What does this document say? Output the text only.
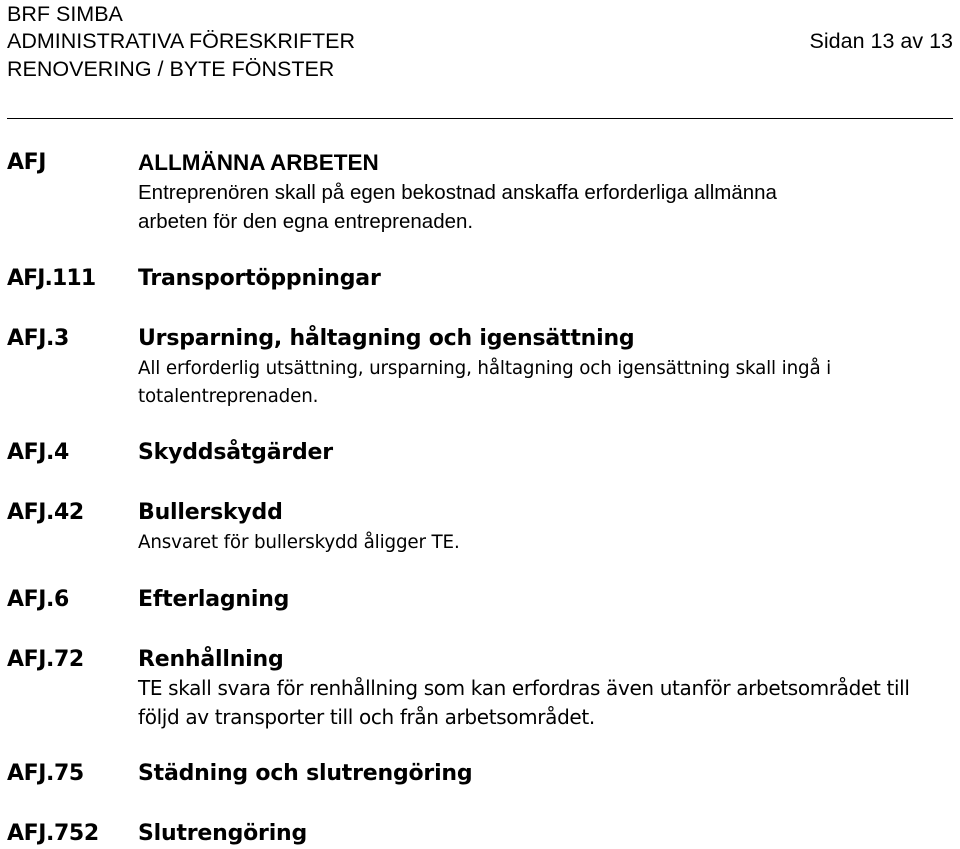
BRF SIMBA
ADMINISTRATIVA FÖRESKRIFTER
RENOVERING / BYTE FÖNSTER
Sidan 13 av 13
AFJ	ALLMÄNNA ARBETEN
Entreprenören skall på egen bekostnad anskaffa erforderliga allmänna
arbeten för den egna entreprenaden.
AFJ.111 Transportöppningar
AFJ.3	Ursparning, håltagning och igensättning
All erforderlig utsättning, ursparning, håltagning och igensättning skall ingå i
totalentreprenaden.
AFJ.4	Skyddsåtgärder
AFJ.42 Bullerskydd
Ansvaret för bullerskydd åligger TE.
AFJ.6	Efterlagning
AFJ.72 Renhållning
TE skall svara för renhållning som kan erfordras även utanför arbetsområdet till
följd av transporter till och från arbetsområdet.
AFJ.75 Städning och slutrengöring
AFJ.752 Slutrengöring
